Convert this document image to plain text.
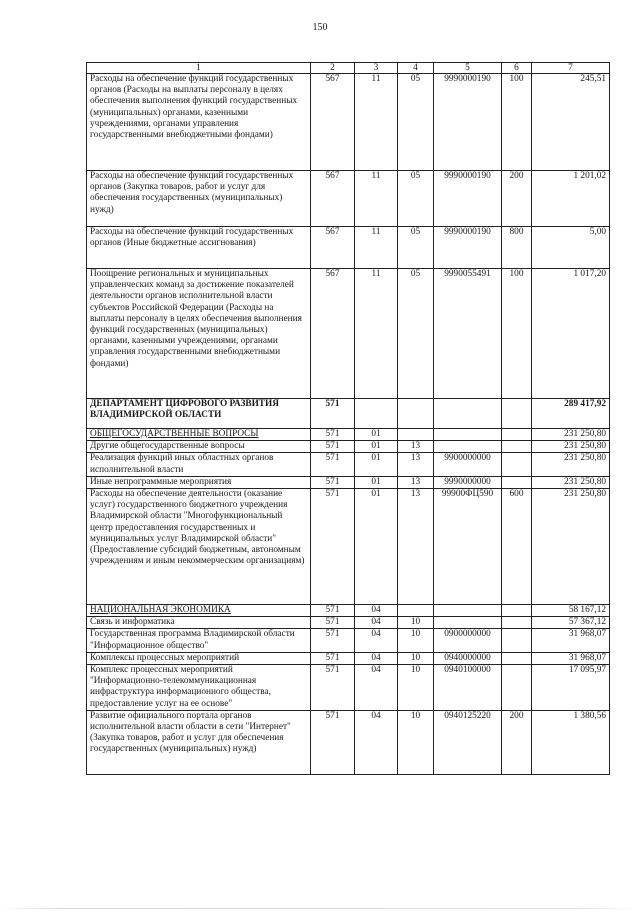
150
1	2	3	4	5	6	7
Расходы на обеспечение функций государственных органов (Расходы на выплаты персоналу в целях обеспечения выполнения функций государственных (муниципальных) органами, казенными учреждениями, органами управления государственными внебюджетными фондами)	567	11	05	9990000190	100	245,51
Расходы на обеспечение функций государственных органов (Закупка товаров, работ и услуг для обеспечения государственных (муниципальных) нужд)	567	11	05	9990000190	200	1 201,02
Расходы на обеспечение функций государственных органов (Иные бюджетные ассигнования)	567	11	05	9990000190	800	5,00
Поощрение региональных и муниципальных управленческих команд за достижение показателей деятельности органов исполнительной власти субъектов Российской Федерации (Расходы на выплаты персоналу в целях обеспечения выполнения функций государственных (муниципальных) органами, казенными учреждениями, органами управления государственными внебюджетными фондами)	567	11	05	9990055491	100	1 017,20
ДЕПАРТАМЕНТ ЦИФРОВОГО РАЗВИТИЯ ВЛАДИМИРСКОЙ ОБЛАСТИ	571					289 417,92
ОБЩЕГОСУДАРСТВЕННЫЕ ВОПРОСЫ	571	01				231 250,80
Другие общегосударственные вопросы	571	01	13			231 250,80
Реализация функций иных областных органов исполнительной власти	571	01	13	9900000000		231 250,80
Иные непрограммные мероприятия	571	01	13	9990000000		231 250,80
Расходы на обеспечение деятельности (оказание услуг) государственного бюджетного учреждения Владимирской области "Многофункциональный центр предоставления государственных и муниципальных услуг Владимирской области" (Предоставление субсидий бюджетным, автономным учреждениям и иным некоммерческим организациям)	571	01	13	99900ФЦ590	600	231 250,80
НАЦИОНАЛЬНАЯ ЭКОНОМИКА	571	04				58 167,12
Связь и информатика	571	04	10			57 367,12
Государственная программа Владимирской области "Информационное общество"	571	04	10	0900000000		31 968,07
Комплексы процессных мероприятий	571	04	10	0940000000		31 968,07
Комплекс процессных мероприятий "Информационно-телекоммуникационная инфраструктура информационного общества, предоставление услуг на ее основе"	571	04	10	0940100000		17 095,97
Развитие официального портала органов исполнительной власти области в сети "Интернет" (Закупка товаров, работ и услуг для обеспечения государственных (муниципальных) нужд)	571	04	10	0940125220	200	1 380,56
